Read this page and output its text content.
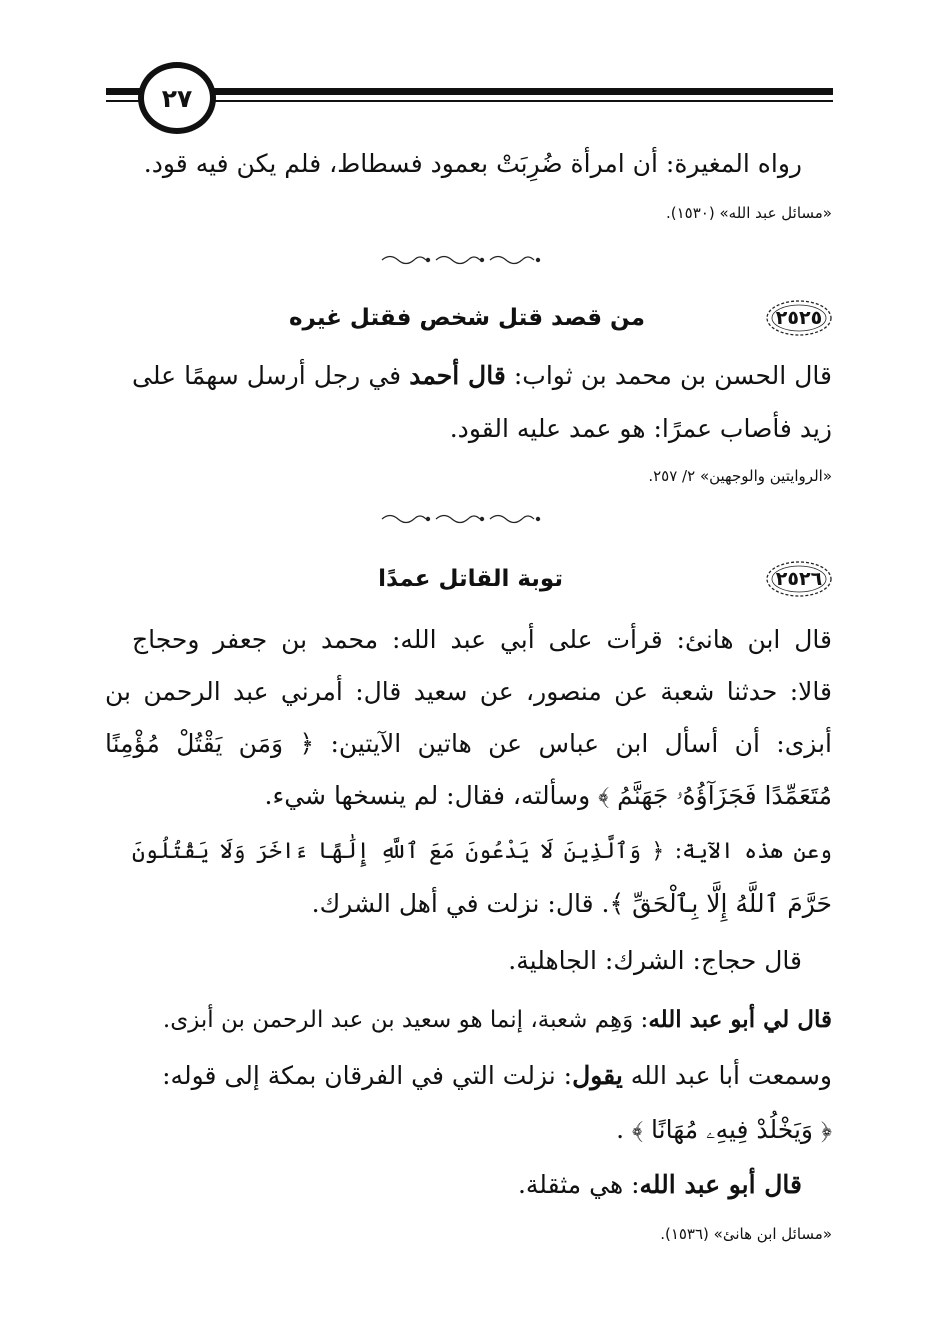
٢٧
رواه المغيرة: أن امرأة ضُرِبَتْ بعمود فسطاط، فلم يكن فيه قود.
«مسائل عبد الله» (١٥٣٠).
٢٥٢٥
من قصد قتل شخص فقتل غيره
قال الحسن بن محمد بن ثواب: قال أحمد في رجل أرسل سهمًا على
زيد فأصاب عمرًا: هو عمد عليه القود.
«الروايتين والوجهين» ٢/ ٢٥٧.
٢٥٢٦
توبة القاتل عمدًا
قال ابن هانئ: قرأت على أبي عبد الله: محمد بن جعفر وحجاج
قالا: حدثنا شعبة عن منصور، عن سعيد قال: أمرني عبد الرحمن بن
أبزى: أن أسأل ابن عباس عن هاتين الآيتين: ﴿ وَمَن يَقْتُلْ مُؤْمِنًا
مُتَعَمِّدًا فَجَزَآؤُهُۥ جَهَنَّمُ ﴾ وسألته، فقال: لم ينسخها شيء.
وعن هذه الآية: ﴿ وَٱلَّذِينَ لَا يَدْعُونَ مَعَ ٱللَّهِ إِلَٰهًا ءَاخَرَ وَلَا يَقْتُلُونَ
حَرَّمَ ٱللَّهُ إِلَّا بِٱلْحَقِّ ﴾. قال: نزلت في أهل الشرك.
قال حجاج: الشرك: الجاهلية.
قال لي أبو عبد الله: وَهِم شعبة، إنما هو سعيد بن عبد الرحمن بن أبزى.
وسمعت أبا عبد الله يقول: نزلت التي في الفرقان بمكة إلى قوله:
﴿ وَيَخْلُدْ فِيهِۦ مُهَانًا ﴾ .
قال أبو عبد الله: هي مثقلة.
«مسائل ابن هانئ» (١٥٣٦).
